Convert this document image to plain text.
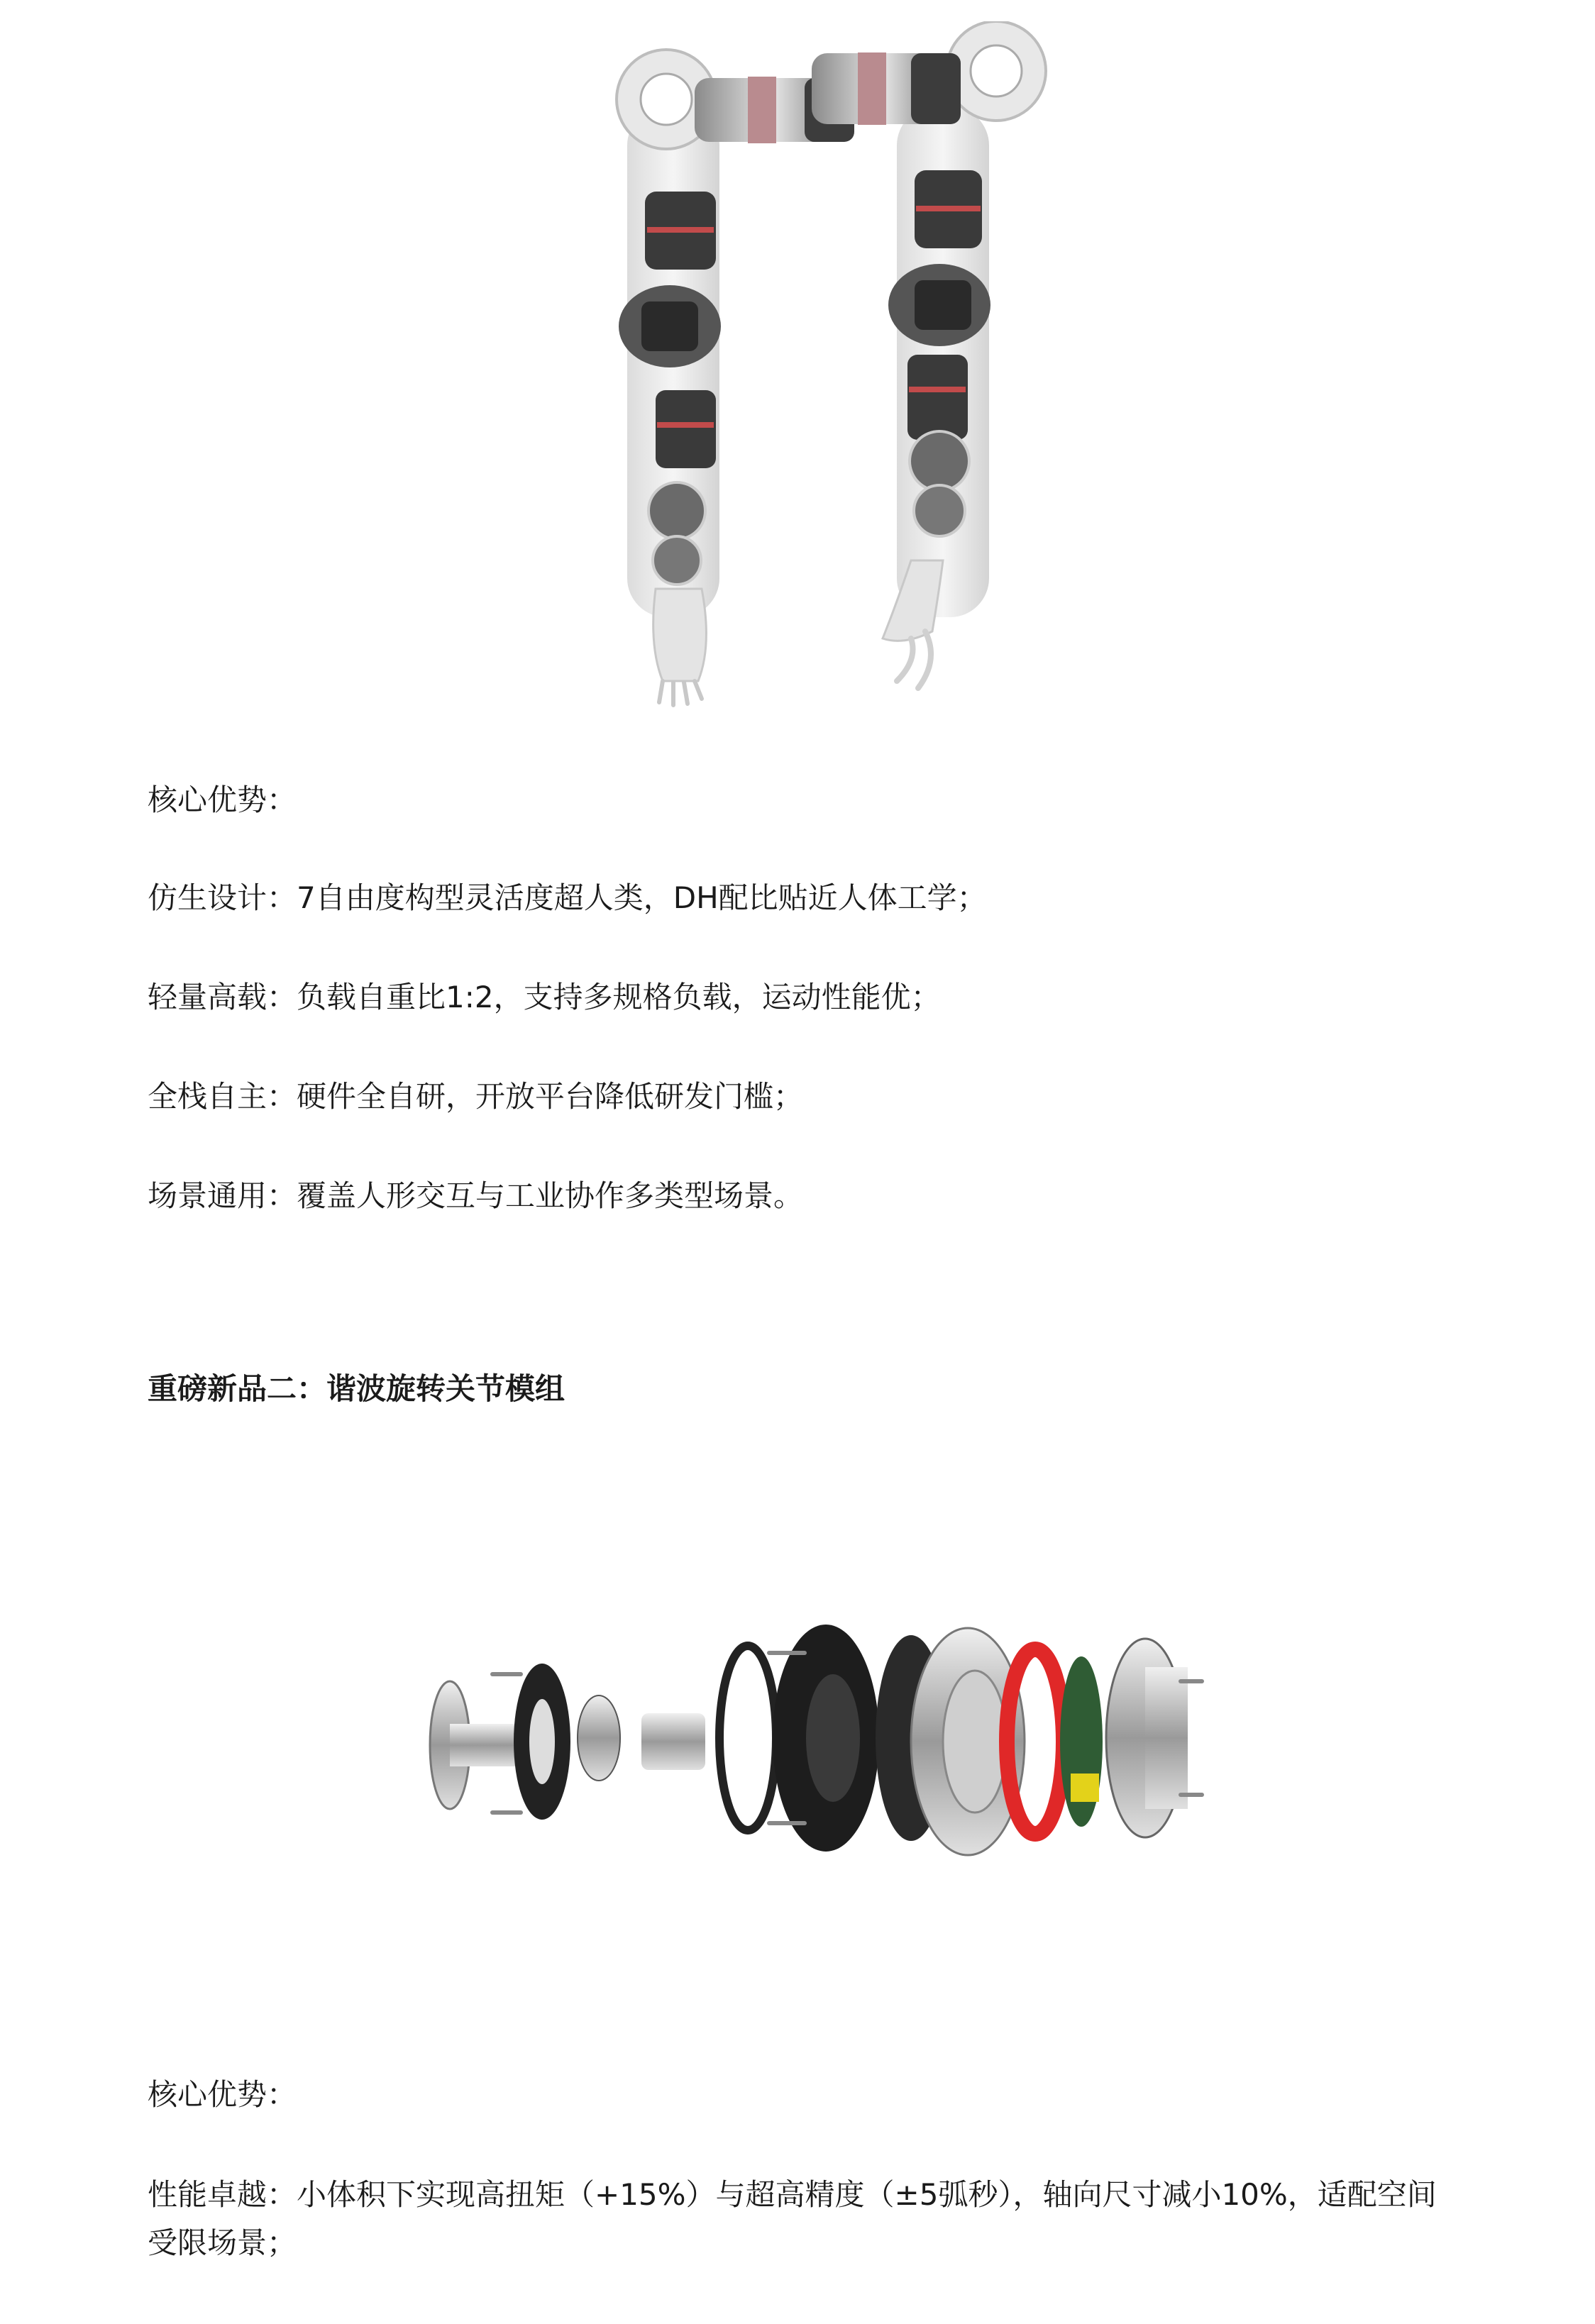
核心优势：

仿生设计：7自由度构型灵活度超人类，DH配比贴近人体工学；

轻量高载：负载自重比1:2，支持多规格负载，运动性能优；

全栈自主：硬件全自研，开放平台降低研发门槛；

场景通用：覆盖人形交互与工业协作多类型场景。

重磅新品二：谐波旋转关节模组

核心优势：

性能卓越：小体积下实现高扭矩（+15%）与超高精度（±5弧秒），轴向尺寸减小10%，适配空间受限场景；
